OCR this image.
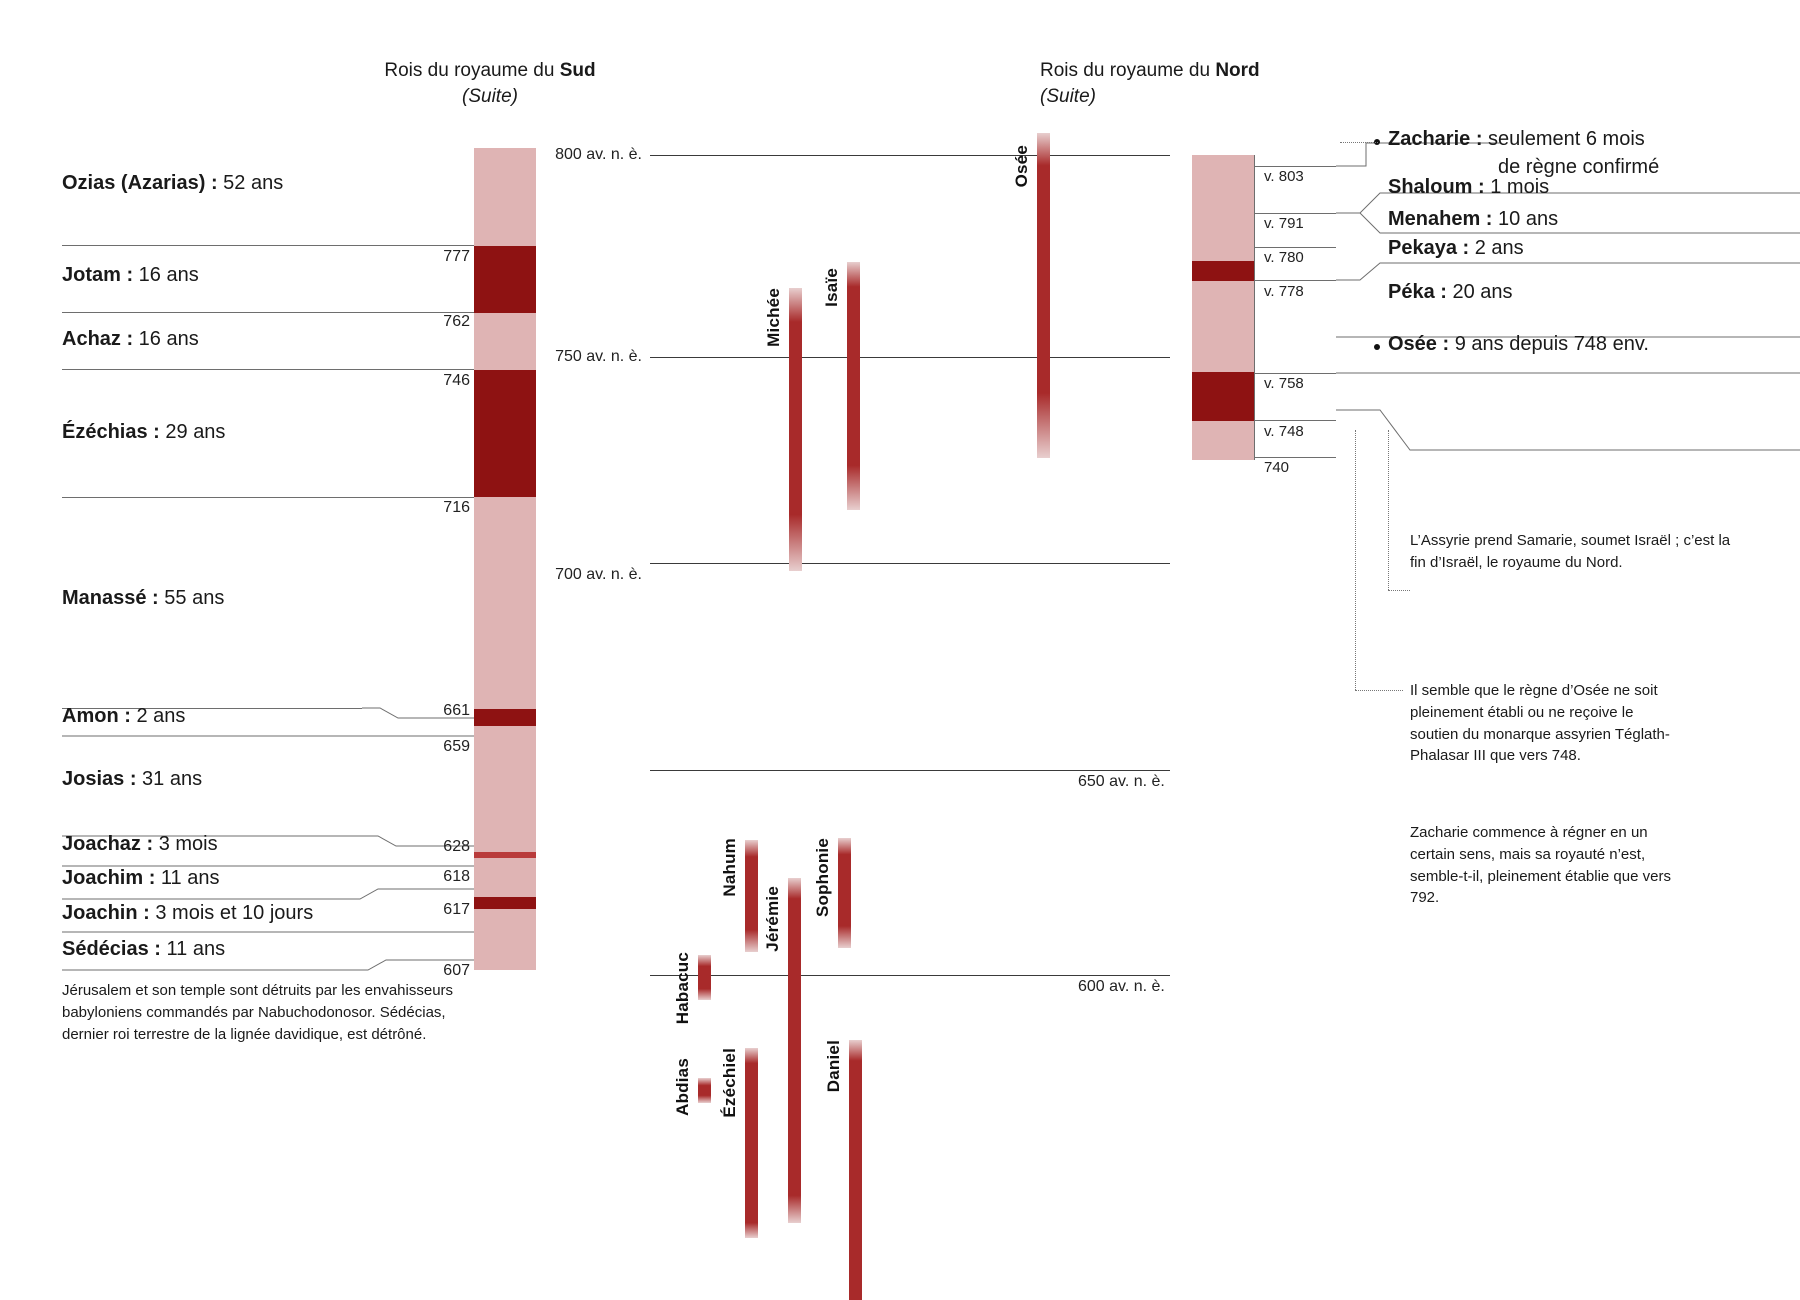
Rois du royaume du Sud
(Suite)
Rois du royaume du Nord
(Suite)
Ozias (Azarias) : 52 ans
Jotam : 16 ans
Achaz : 16 ans
Ézéchias : 29 ans
Manassé : 55 ans
Amon : 2 ans
Josias : 31 ans
Joachaz : 3 mois
Joachim : 11 ans
Joachin : 3 mois et 10 jours
Sédécias : 11 ans
777
762
746
716
661
659
628
618
617
607
Jérusalem et son temple sont détruits par les envahisseurs babyloniens commandés par Nabuchodonosor. Sédécias, dernier roi terrestre de la lignée davidique, est détrôné.
800 av. n. è.
750 av. n. è.
700 av. n. è.
650 av. n. è.
600 av. n. è.
Osée
Isaïe
Michée
Nahum	Sophonie
Jérémie
Habacuc
Abdias Ézéchiel	Daniel
v. 803
v. 791
v. 780
v. 778
v. 758
v. 748
740
Zacharie : seulement 6 mois
de règne confirmé
Shaloum : 1 mois
Menahem : 10 ans
Pekaya : 2 ans
Péka : 20 ans
Osée : 9 ans depuis 748 env.
L’Assyrie prend Samarie, soumet Israël ; c’est la fin d’Israël, le royaume du Nord.
Il semble que le règne d’Osée ne soit pleinement établi ou ne reçoive le soutien du monarque assyrien Téglath-Phalasar III que vers 748.
Zacharie commence à régner en un certain sens, mais sa royauté n’est, semble-t-il, pleinement établie que vers 792.
